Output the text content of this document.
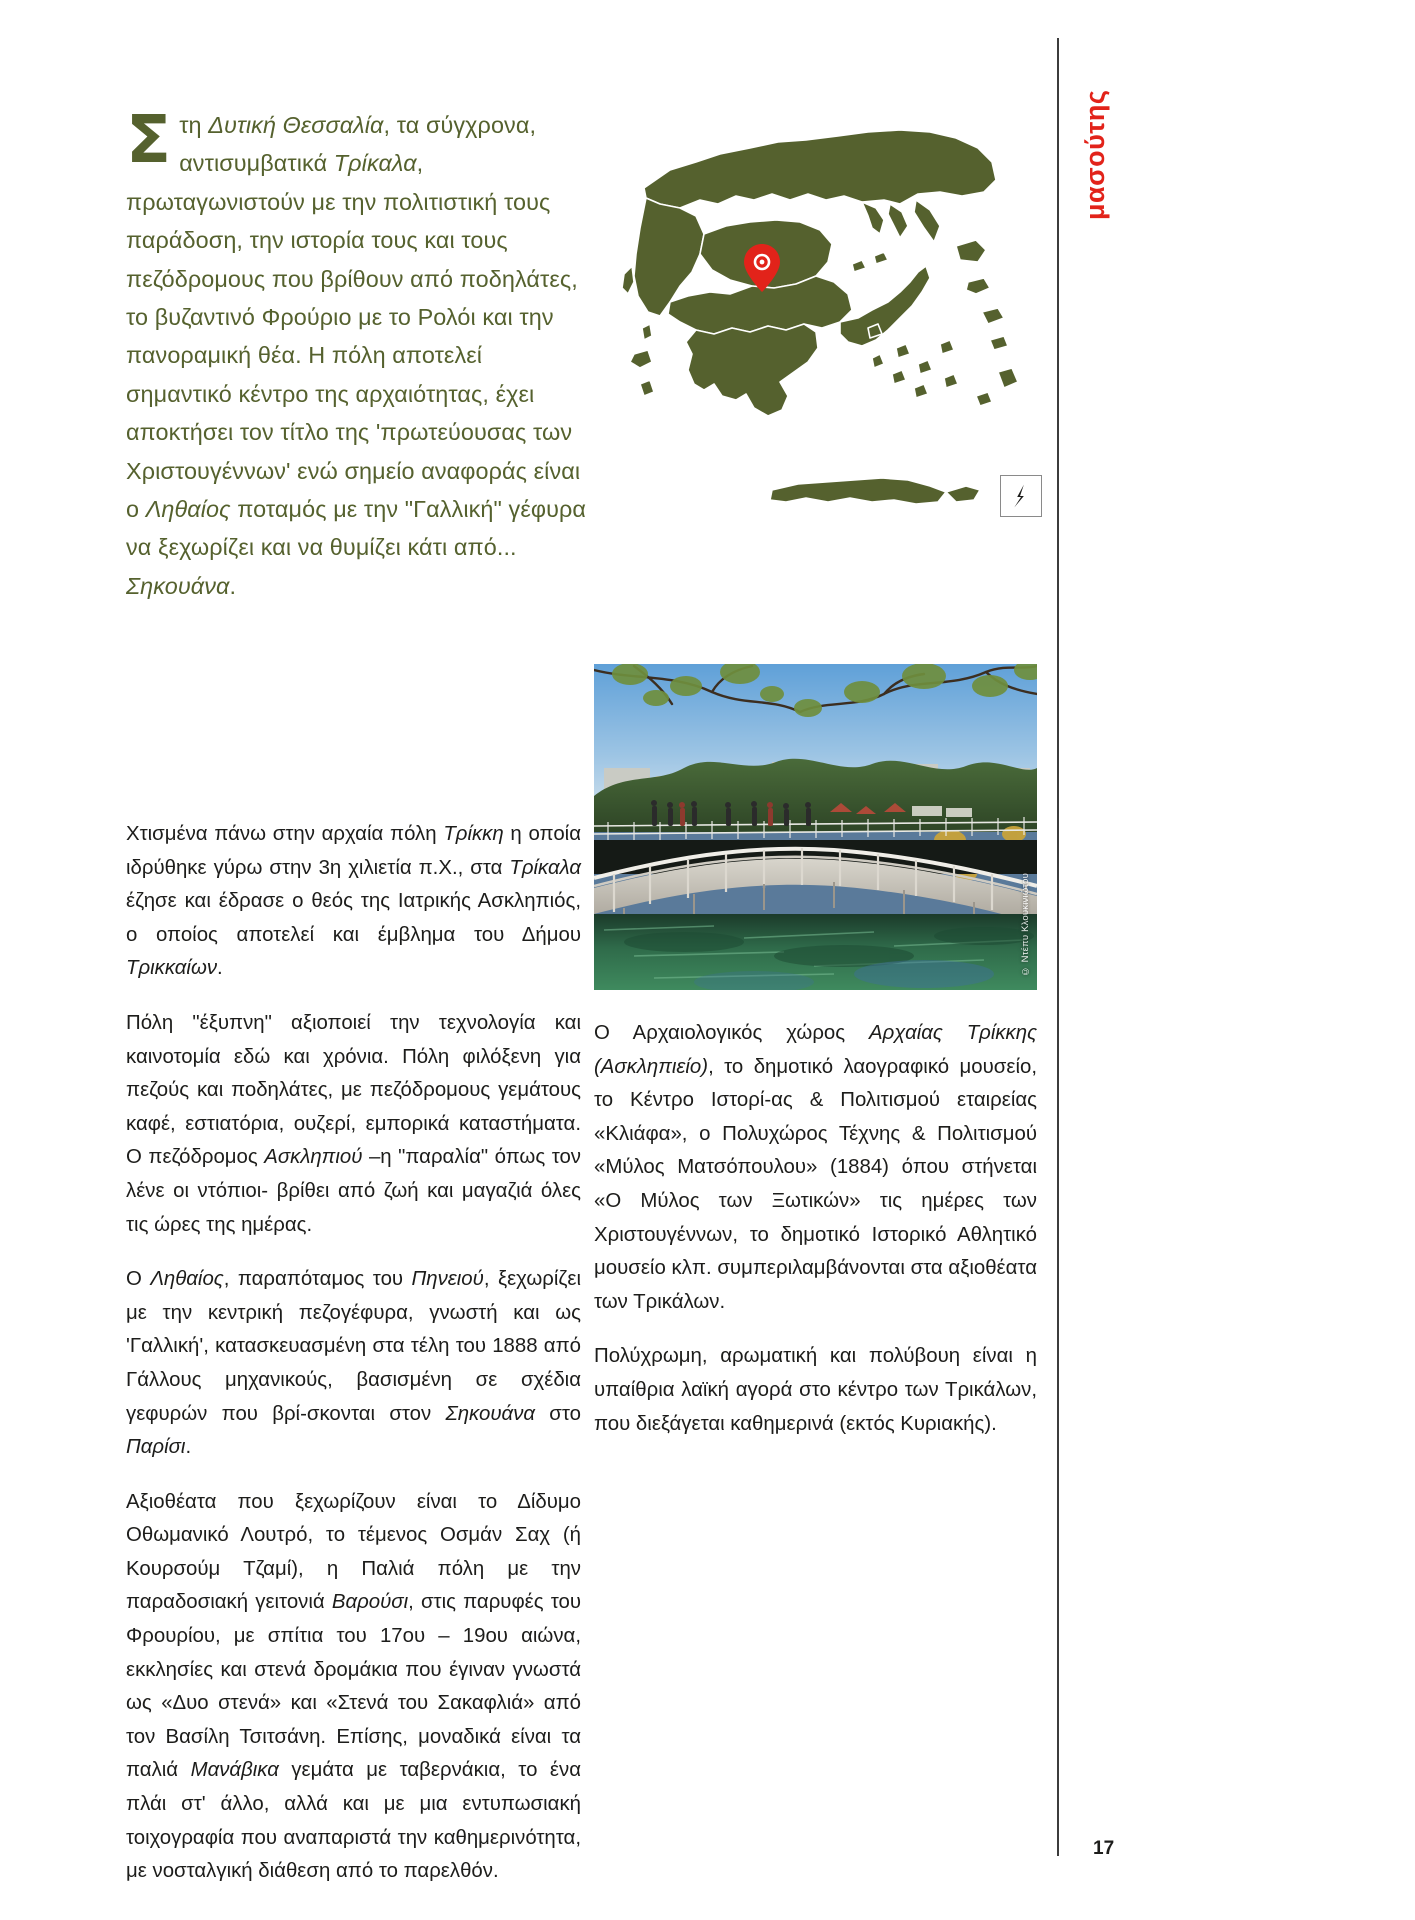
μασούτης
Στη Δυτική Θεσσαλία, τα σύγχρονα, αντισυμβατικά Τρίκαλα, πρωταγωνιστούν με την πολιτιστική τους παράδοση, την ιστορία τους και τους πεζόδρομους που βρίθουν από ποδηλάτες, το βυζαντινό Φρούριο με το Ρολόι και την πανοραμική θέα. Η πόλη αποτελεί σημαντικό κέντρο της αρχαιότητας, έχει αποκτήσει τον τίτλο της 'πρωτεύουσας των Χριστουγέννων' ενώ σημείο αναφοράς είναι ο Ληθαίος ποταμός με την "Γαλλική" γέφυρα να ξεχωρίζει και να θυμίζει κάτι από... Σηκουάνα.

Χτισμένα πάνω στην αρχαία πόλη Τρίκκη η οποία ιδρύθηκε γύρω στην 3η χιλιετία π.Χ., στα Τρίκαλα έζησε και έδρασε ο θεός της Ιατρικής Ασκληπιός, ο οποίος αποτελεί και έμβλημα του Δήμου Τρικκαίων.

Πόλη "έξυπνη" αξιοποιεί την τεχνολογία και καινοτομία εδώ και χρόνια. Πόλη φιλόξενη για πεζούς και ποδηλάτες, με πεζόδρομους γεμάτους καφέ, εστιατόρια, ουζερί, εμπορικά καταστήματα. Ο πεζόδρομος Ασκληπιού –η "παραλία" όπως τον λένε οι ντόπιοι- βρίθει από ζωή και μαγαζιά όλες τις ώρες της ημέρας.

Ο Ληθαίος, παραπόταμος του Πηνειού, ξεχωρίζει με την κεντρική πεζογέφυρα, γνωστή και ως 'Γαλλική', κατασκευασμένη στα τέλη του 1888 από Γάλλους μηχανικούς, βασισμένη σε σχέδια γεφυρών που βρί-σκονται στον Σηκουάνα στο Παρίσι.

Αξιοθέατα που ξεχωρίζουν είναι το Δίδυμο Οθωμανικό Λουτρό, το τέμενος Οσμάν Σαχ (ή Κουρσούμ Τζαμί), η Παλιά πόλη με την παραδοσιακή γειτονιά Βαρούσι, στις παρυφές του Φρουρίου, με σπίτια του 17ου – 19ου αιώνα, εκκλησίες και στενά δρομάκια που έγιναν γνωστά ως «Δυο στενά» και «Στενά του Σακαφλιά» από τον Βασίλη Τσιτσάνη. Επίσης, μοναδικά είναι τα παλιά Μανάβικα γεμάτα με ταβερνάκια, το ένα πλάι στ' άλλο, αλλά και με μια εντυπωσιακή τοιχογραφία που αναπαριστά την καθημερινότητα, με νοσταλγική διάθεση από το παρελθόν.

© Ντέπυ Κλουκινιώτου

Ο Αρχαιολογικός χώρος Αρχαίας Τρίκκης (Ασκληπιείο), το δημοτικό λαογραφικό μουσείο, το Κέντρο Ιστορί-ας & Πολιτισμού εταιρείας «Κλιάφα», ο Πολυχώρος Τέχνης & Πολιτισμού «Μύλος Ματσόπουλου» (1884) όπου στήνεται «Ο Μύλος των Ξωτικών» τις ημέρες των Χριστουγέννων, το δημοτικό Ιστορικό Αθλητικό μουσείο κλπ. συμπεριλαμβάνονται στα αξιοθέατα των Τρικάλων.

Πολύχρωμη, αρωματική και πολύβουη είναι η υπαίθρια λαϊκή αγορά στο κέντρο των Τρικάλων, που διεξάγεται καθημερινά (εκτός Κυριακής).

17
